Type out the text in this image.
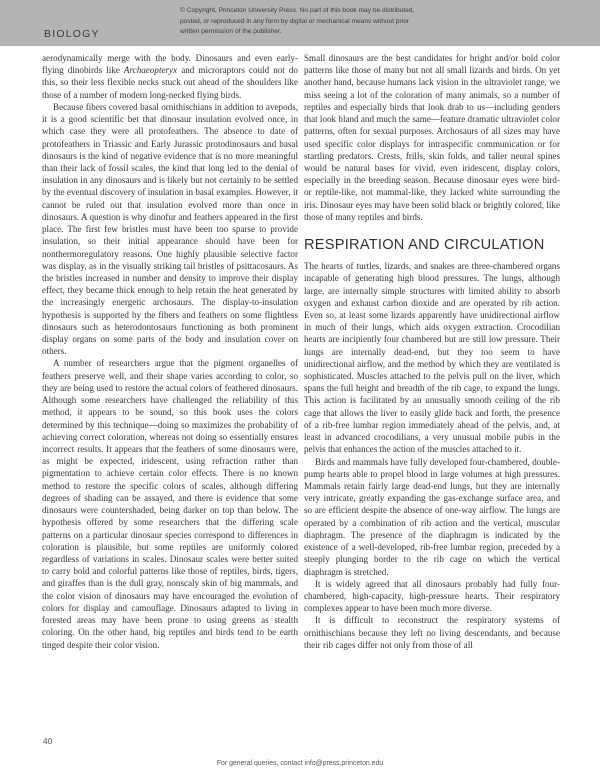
BIOLOGY
© Copyright, Princeton University Press. No part of this book may be distributed, posted, or reproduced in any form by digital or mechanical means without prior written permission of the publisher.

aerodynamically merge with the body. Dinosaurs and even early-flying dinobirds like Archaeopteryx and microraptors could not do this, so their less flexible necks stuck out ahead of the shoulders like those of a number of modern long-necked flying birds.

Because fibers covered basal ornithischians in addition to avepods, it is a good scientific bet that dinosaur insulation evolved once, in which case they were all protofeathers. The absence to date of protofeathers in Triassic and Early Jurassic protodinosaurs and basal dinosaurs is the kind of negative evidence that is no more meaningful than their lack of fossil scales, the kind that long led to the denial of insulation in any dinosaurs and is likely but not certainly to be settled by the eventual discovery of insulation in basal examples. However, it cannot be ruled out that insulation evolved more than once in dinosaurs. A question is why dinofur and feathers appeared in the first place. The first few bristles must have been too sparse to provide insulation, so their initial appearance should have been for nonthermoregulatory reasons. One highly plausible selective factor was display, as in the visually striking tail bristles of psittacosaurs. As the bristles increased in number and density to improve their display effect, they became thick enough to help retain the heat generated by the increasingly energetic archosaurs. The display-to-insulation hypothesis is supported by the fibers and feathers on some flightless dinosaurs such as heterodontosaurs functioning as both prominent display organs on some parts of the body and insulation cover on others.

A number of researchers argue that the pigment organelles of feathers preserve well, and their shape varies according to color, so they are being used to restore the actual colors of feathered dinosaurs. Although some researchers have challenged the reliability of this method, it appears to be sound, so this book uses the colors determined by this technique—doing so maximizes the probability of achieving correct coloration, whereas not doing so essentially ensures incorrect results. It appears that the feathers of some dinosaurs were, as might be expected, iridescent, using refraction rather than pigmentation to achieve certain color effects. There is no known method to restore the specific colors of scales, although differing degrees of shading can be assayed, and there is evidence that some dinosaurs were countershaded, being darker on top than below. The hypothesis offered by some researchers that the differing scale patterns on a particular dinosaur species correspond to differences in coloration is plausible, but some reptiles are uniformly colored regardless of variations in scales. Dinosaur scales were better suited to carry bold and colorful patterns like those of reptiles, birds, tigers, and giraffes than is the dull gray, nonscaly skin of big mammals, and the color vision of dinosaurs may have encouraged the evolution of colors for display and camouflage. Dinosaurs adapted to living in forested areas may have been prone to using greens as stealth coloring. On the other hand, big reptiles and birds tend to be earth tinged despite their color vision.

Small dinosaurs are the best candidates for bright and/or bold color patterns like those of many but not all small lizards and birds. On yet another hand, because humans lack vision in the ultraviolet range, we miss seeing a lot of the coloration of many animals, so a number of reptiles and especially birds that look drab to us—including genders that look bland and much the same—feature dramatic ultraviolet color patterns, often for sexual purposes. Archosaurs of all sizes may have used specific color displays for intraspecific communication or for startling predators. Crests, frills, skin folds, and taller neural spines would be natural bases for vivid, even iridescent, display colors, especially in the breeding season. Because dinosaur eyes were bird- or reptile-like, not mammal-like, they lacked white surrounding the iris. Dinosaur eyes may have been solid black or brightly colored, like those of many reptiles and birds.

RESPIRATION AND CIRCULATION

The hearts of turtles, lizards, and snakes are three-chambered organs incapable of generating high blood pressures. The lungs, although large, are internally simple structures with limited ability to absorb oxygen and exhaust carbon dioxide and are operated by rib action. Even so, at least some lizards apparently have unidirectional airflow in much of their lungs, which aids oxygen extraction. Crocodilian hearts are incipiently four chambered but are still low pressure. Their lungs are internally dead-end, but they too seem to have unidirectional airflow, and the method by which they are ventilated is sophisticated. Muscles attached to the pelvis pull on the liver, which spans the full height and breadth of the rib cage, to expand the lungs. This action is facilitated by an unusually smooth ceiling of the rib cage that allows the liver to easily glide back and forth, the presence of a rib-free lumbar region immediately ahead of the pelvis, and, at least in advanced crocodilians, a very unusual mobile pubis in the pelvis that enhances the action of the muscles attached to it.

Birds and mammals have fully developed four-chambered, double-pump hearts able to propel blood in large volumes at high pressures. Mammals retain fairly large dead-end lungs, but they are internally very intricate, greatly expanding the gas-exchange surface area, and so are efficient despite the absence of one-way airflow. The lungs are operated by a combination of rib action and the vertical, muscular diaphragm. The presence of the diaphragm is indicated by the existence of a well-developed, rib-free lumbar region, preceded by a steeply plunging border to the rib cage on which the vertical diaphragm is stretched.

It is widely agreed that all dinosaurs probably had fully four-chambered, high-capacity, high-pressure hearts. Their respiratory complexes appear to have been much more diverse.

It is difficult to reconstruct the respiratory systems of ornithischians because they left no living descendants, and because their rib cages differ not only from those of all

40
For general queries, contact info@press.princeton.edu
